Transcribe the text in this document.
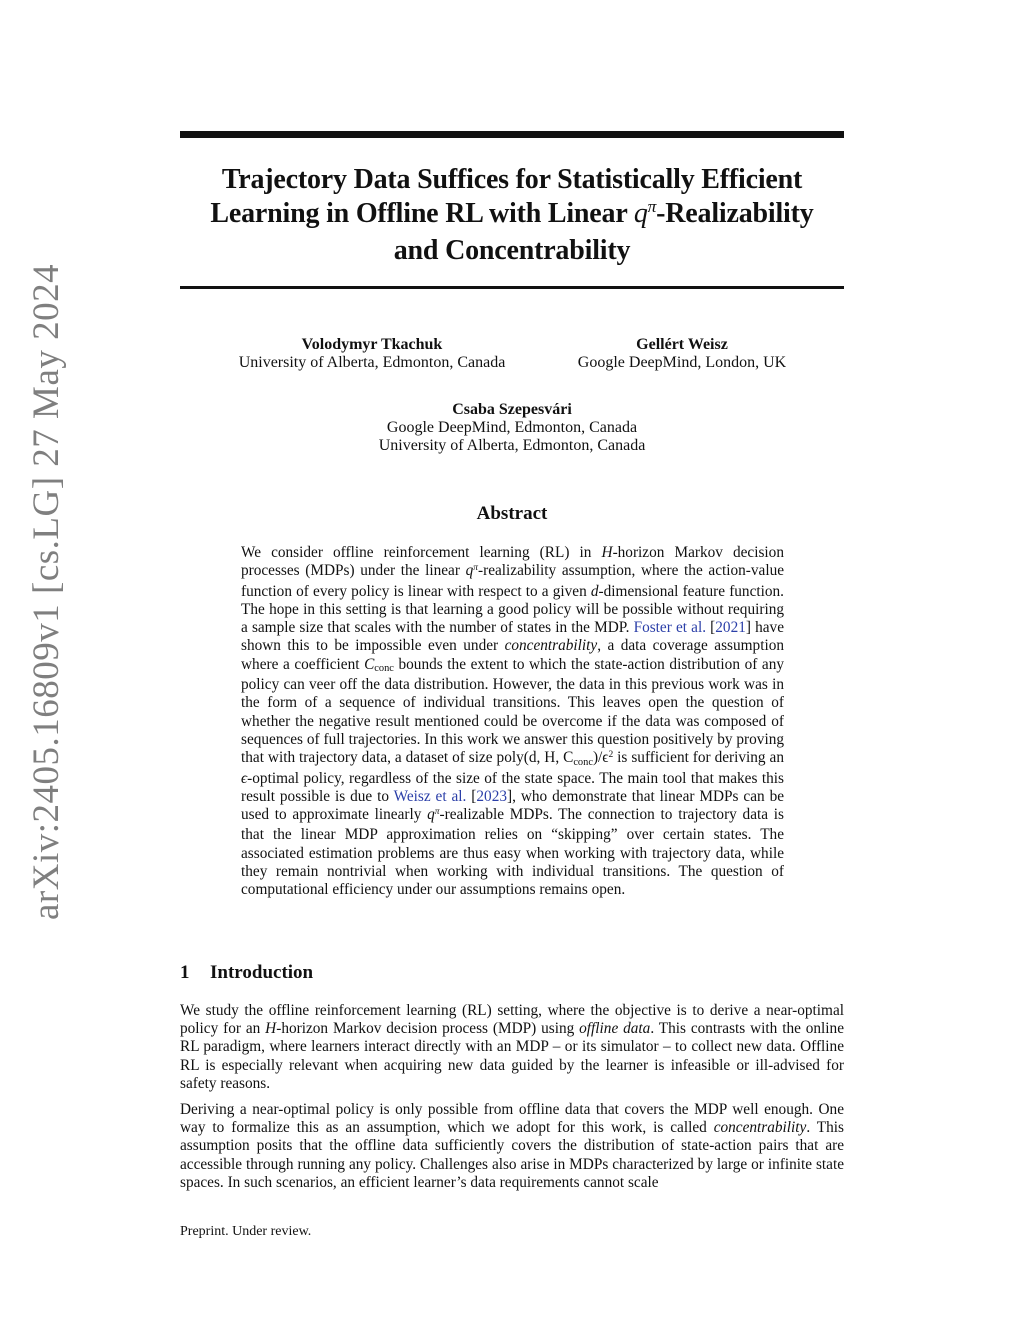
Trajectory Data Suffices for Statistically Efficient
Learning in Offline RL with Linear $q^\pi$-Realizability
and Concentrability
arXiv:2405.16809v1 [cs.LG] 27 May 2024	Volodymyr Tkachuk
University of Alberta, Edmonton, Canada
Gellért Weisz
Google DeepMind, London, UK
Csaba Szepesvári
Google DeepMind, Edmonton, Canada
University of Alberta, Edmonton, Canada
Abstract

We consider offline reinforcement learning (RL) in H-horizon Markov decision processes (MDPs) under the linear $q^\pi$-realizability assumption, where the action-value function of every policy is linear with respect to a given d-dimensional feature function. The hope in this setting is that learning a good policy will be possible without requiring a sample size that scales with the number of states in the MDP. Foster et al. [2021] have shown this to be impossible even under concentrability, a data coverage assumption where a coefficient Cconc bounds the extent to which the state-action distribution of any policy can veer off the data distribution. However, the data in this previous work was in the form of a sequence of individual transitions. This leaves open the question of whether the negative result mentioned could be overcome if the data was composed of sequences of full trajectories. In this work we answer this question positively by proving that with trajectory data, a dataset of size poly(d, H, $Cconc)/\epsilon^2$ is sufficient for deriving an ϵ-optimal policy, regardless of the size of the state space. The main tool that makes this result possible is due to Weisz et al. [2023], who demonstrate that linear MDPs can be used to approximate linearly $q^\pi$-realizable MDPs. The connection to trajectory data is that the linear MDP approximation relies on “skipping” over certain states. The associated estimation problems are thus easy when working with trajectory data, while they remain nontrivial when working with individual transitions. The question of computational efficiency under our assumptions remains open.

1 Introduction

We study the offline reinforcement learning (RL) setting, where the objective is to derive a near-optimal policy for an H-horizon Markov decision process (MDP) using offline data. This contrasts with the online RL paradigm, where learners interact directly with an MDP – or its simulator – to collect new data. Offline RL is especially relevant when acquiring new data guided by the learner is infeasible or ill-advised for safety reasons.

Deriving a near-optimal policy is only possible from offline data that covers the MDP well enough. One way to formalize this as an assumption, which we adopt for this work, is called concentrability. This assumption posits that the offline data sufficiently covers the distribution of state-action pairs that are accessible through running any policy. Challenges also arise in MDPs characterized by large or infinite state spaces. In such scenarios, an efficient learner’s data requirements cannot scale

Preprint. Under review.
